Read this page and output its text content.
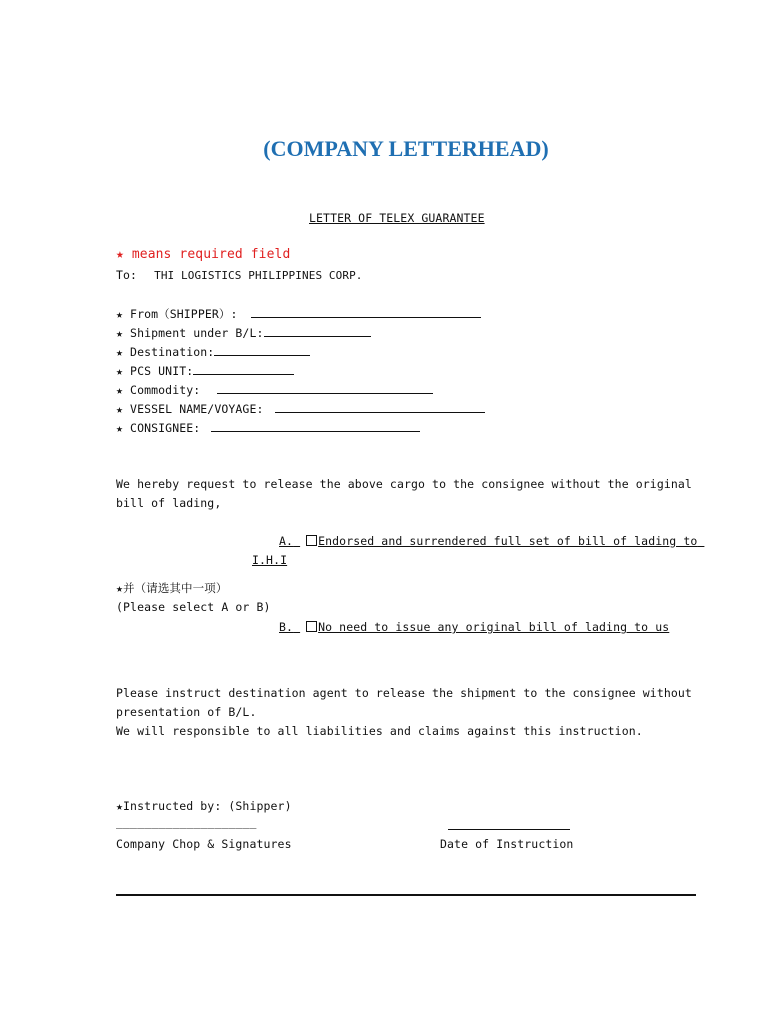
(COMPANY LETTERHEAD)
LETTER OF TELEX GUARANTEE
★ means required field
To: THI LOGISTICS PHILIPPINES CORP.
★ From（SHIPPER）:
★ Shipment under B/L:
★ Destination:
★ PCS UNIT:
★ Commodity:
★ VESSEL NAME/VOYAGE:
★ CONSIGNEE:
We hereby request to release the above cargo to the consignee without the original
bill of lading,
A. Endorsed and surrendered full set of bill of lading to
I.H.I
★并（请选其中一项）
(Please select A or B)
B. No need to issue any original bill of lading to us
Please instruct destination agent to release the shipment to the consignee without
presentation of B/L.
We will responsible to all liabilities and claims against this instruction.
★Instructed by: (Shipper)
____________________
Company Chop & Signatures	Date of Instruction
